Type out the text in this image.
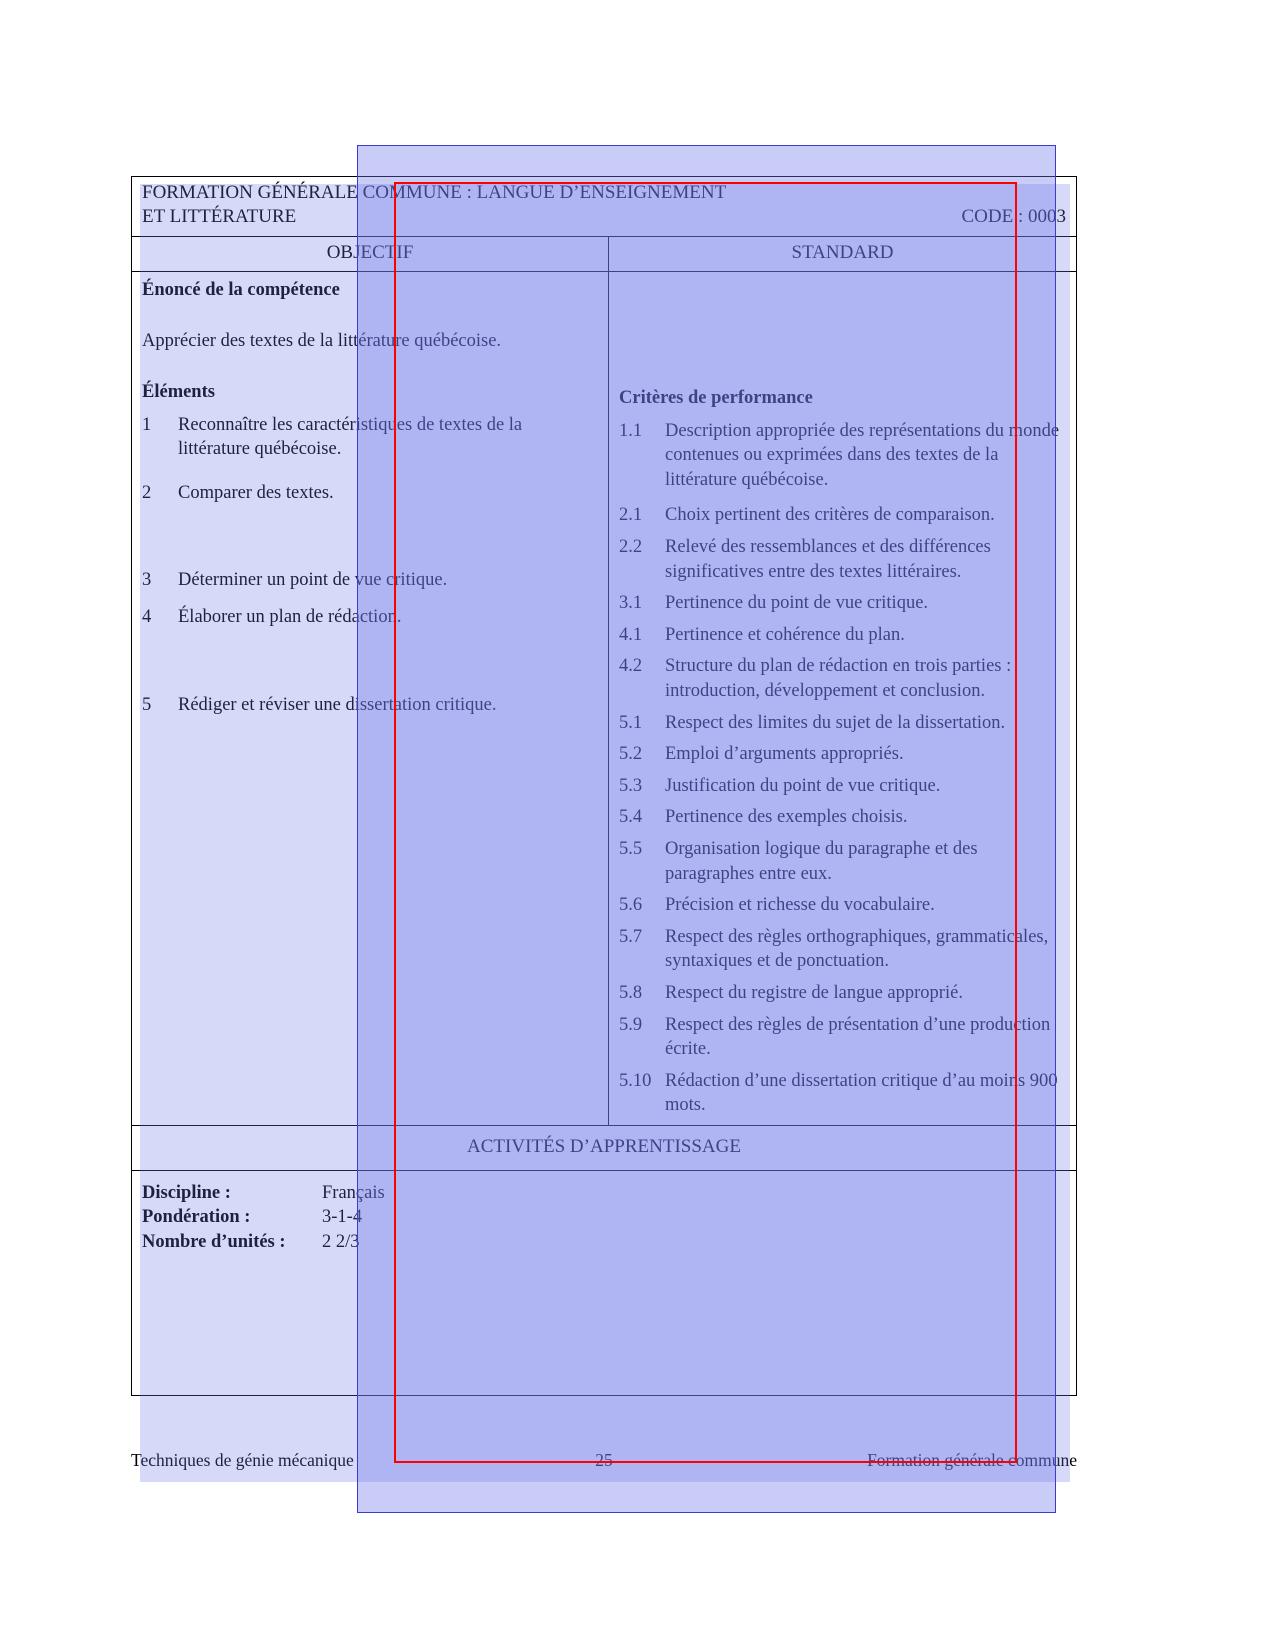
FORMATION GÉNÉRALE COMMUNE : LANGUE D’ENSEIGNEMENT
ET LITTÉRATURE	CODE : 0003
OBJECTIF	STANDARD
Énoncé de la compétence
Apprécier des textes de la littérature québécoise.
Éléments
1	Reconnaître les caractéristiques de textes de la littérature québécoise.
2	Comparer des textes.
3	Déterminer un point de vue critique.
4	Élaborer un plan de rédaction.
5	Rédiger et réviser une dissertation critique.
Critères de performance
1.1	Description appropriée des représentations du monde contenues ou exprimées dans des textes de la littérature québécoise.
2.1	Choix pertinent des critères de comparaison.
2.2	Relevé des ressemblances et des différences significatives entre des textes littéraires.
3.1	Pertinence du point de vue critique.
4.1	Pertinence et cohérence du plan.
4.2	Structure du plan de rédaction en trois parties : introduction, développement et conclusion.
5.1	Respect des limites du sujet de la dissertation.
5.2	Emploi d’arguments appropriés.
5.3	Justification du point de vue critique.
5.4	Pertinence des exemples choisis.
5.5	Organisation logique du paragraphe et des paragraphes entre eux.
5.6	Précision et richesse du vocabulaire.
5.7	Respect des règles orthographiques, grammaticales, syntaxiques et de ponctuation.
5.8	Respect du registre de langue approprié.
5.9	Respect des règles de présentation d’une production écrite.
5.10 Rédaction d’une dissertation critique d’au moins 900 mots.
ACTIVITÉS D’APPRENTISSAGE
Discipline :	Français
Pondération :	3-1-4
Nombre d’unités :	2 2/3
Techniques de génie mécanique	25	Formation générale commune
